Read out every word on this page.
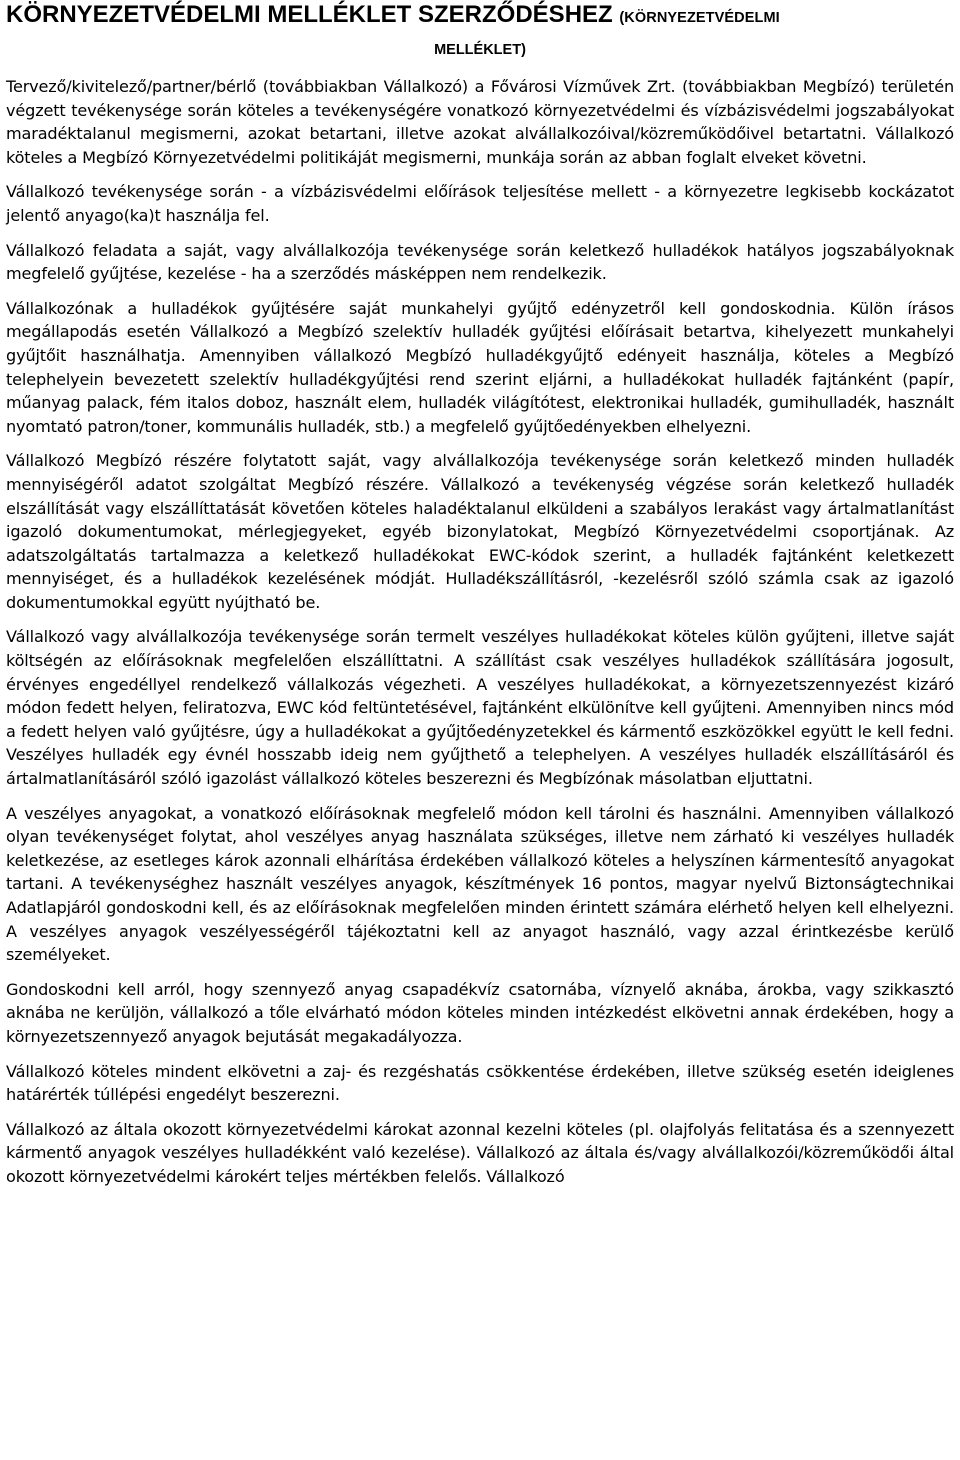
KÖRNYEZETVÉDELMI MELLÉKLET SZERZŐDÉSHEZ (KÖRNYEZETVÉDELMI
MELLÉKLET)

Tervező/kivitelező/partner/bérlő (továbbiakban Vállalkozó) a Fővárosi Vízművek Zrt. (továbbiakban Megbízó) területén végzett tevékenysége során köteles a tevékenységére vonatkozó környezetvédelmi és vízbázisvédelmi jogszabályokat maradéktalanul megismerni, azokat betartani, illetve azokat alvállalkozóival/közreműködőivel betartatni. Vállalkozó köteles a Megbízó Környezetvédelmi politikáját megismerni, munkája során az abban foglalt elveket követni.

Vállalkozó tevékenysége során - a vízbázisvédelmi előírások teljesítése mellett - a környezetre legkisebb kockázatot jelentő anyago(ka)t használja fel.

Vállalkozó feladata a saját, vagy alvállalkozója tevékenysége során keletkező hulladékok hatályos jogszabályoknak megfelelő gyűjtése, kezelése - ha a szerződés másképpen nem rendelkezik.

Vállalkozónak a hulladékok gyűjtésére saját munkahelyi gyűjtő edényzetről kell gondoskodnia. Külön írásos megállapodás esetén Vállalkozó a Megbízó szelektív hulladék gyűjtési előírásait betartva, kihelyezett munkahelyi gyűjtőit használhatja. Amennyiben vállalkozó Megbízó hulladékgyűjtő edényeit használja, köteles a Megbízó telephelyein bevezetett szelektív hulladékgyűjtési rend szerint eljárni, a hulladékokat hulladék fajtánként (papír, műanyag palack, fém italos doboz, használt elem, hulladék világítótest, elektronikai hulladék, gumihulladék, használt nyomtató patron/toner, kommunális hulladék, stb.) a megfelelő gyűjtőedényekben elhelyezni.

Vállalkozó Megbízó részére folytatott saját, vagy alvállalkozója tevékenysége során keletkező minden hulladék mennyiségéről adatot szolgáltat Megbízó részére. Vállalkozó a tevékenység végzése során keletkező hulladék elszállítását vagy elszállíttatását követően köteles haladéktalanul elküldeni a szabályos lerakást vagy ártalmatlanítást igazoló dokumentumokat, mérlegjegyeket, egyéb bizonylatokat, Megbízó Környezetvédelmi csoportjának. Az adatszolgáltatás tartalmazza a keletkező hulladékokat EWC-kódok szerint, a hulladék fajtánként keletkezett mennyiséget, és a hulladékok kezelésének módját. Hulladékszállításról, -kezelésről szóló számla csak az igazoló dokumentumokkal együtt nyújtható be.

Vállalkozó vagy alvállalkozója tevékenysége során termelt veszélyes hulladékokat köteles külön gyűjteni, illetve saját költségén az előírásoknak megfelelően elszállíttatni. A szállítást csak veszélyes hulladékok szállítására jogosult, érvényes engedéllyel rendelkező vállalkozás végezheti. A veszélyes hulladékokat, a környezetszennyezést kizáró módon fedett helyen, feliratozva, EWC kód feltüntetésével, fajtánként elkülönítve kell gyűjteni. Amennyiben nincs mód a fedett helyen való gyűjtésre, úgy a hulladékokat a gyűjtőedényzetekkel és kármentő eszközökkel együtt le kell fedni. Veszélyes hulladék egy évnél hosszabb ideig nem gyűjthető a telephelyen. A veszélyes hulladék elszállításáról és ártalmatlanításáról szóló igazolást vállalkozó köteles beszerezni és Megbízónak másolatban eljuttatni.

A veszélyes anyagokat, a vonatkozó előírásoknak megfelelő módon kell tárolni és használni. Amennyiben vállalkozó olyan tevékenységet folytat, ahol veszélyes anyag használata szükséges, illetve nem zárható ki veszélyes hulladék keletkezése, az esetleges károk azonnali elhárítása érdekében vállalkozó köteles a helyszínen kármentesítő anyagokat tartani. A tevékenységhez használt veszélyes anyagok, készítmények 16 pontos, magyar nyelvű Biztonságtechnikai Adatlapjáról gondoskodni kell, és az előírásoknak megfelelően minden érintett számára elérhető helyen kell elhelyezni. A veszélyes anyagok veszélyességéről tájékoztatni kell az anyagot használó, vagy azzal érintkezésbe kerülő személyeket.

Gondoskodni kell arról, hogy szennyező anyag csapadékvíz csatornába, víznyelő aknába, árokba, vagy szikkasztó aknába ne kerüljön, vállalkozó a tőle elvárható módon köteles minden intézkedést elkövetni annak érdekében, hogy a környezetszennyező anyagok bejutását megakadályozza.

Vállalkozó köteles mindent elkövetni a zaj- és rezgéshatás csökkentése érdekében, illetve szükség esetén ideiglenes határérték túllépési engedélyt beszerezni.

Vállalkozó az általa okozott környezetvédelmi károkat azonnal kezelni köteles (pl. olajfolyás felitatása és a szennyezett kármentő anyagok veszélyes hulladékként való kezelése). Vállalkozó az általa és/vagy alvállalkozói/közreműködői által okozott környezetvédelmi károkért teljes mértékben felelős. Vállalkozó
